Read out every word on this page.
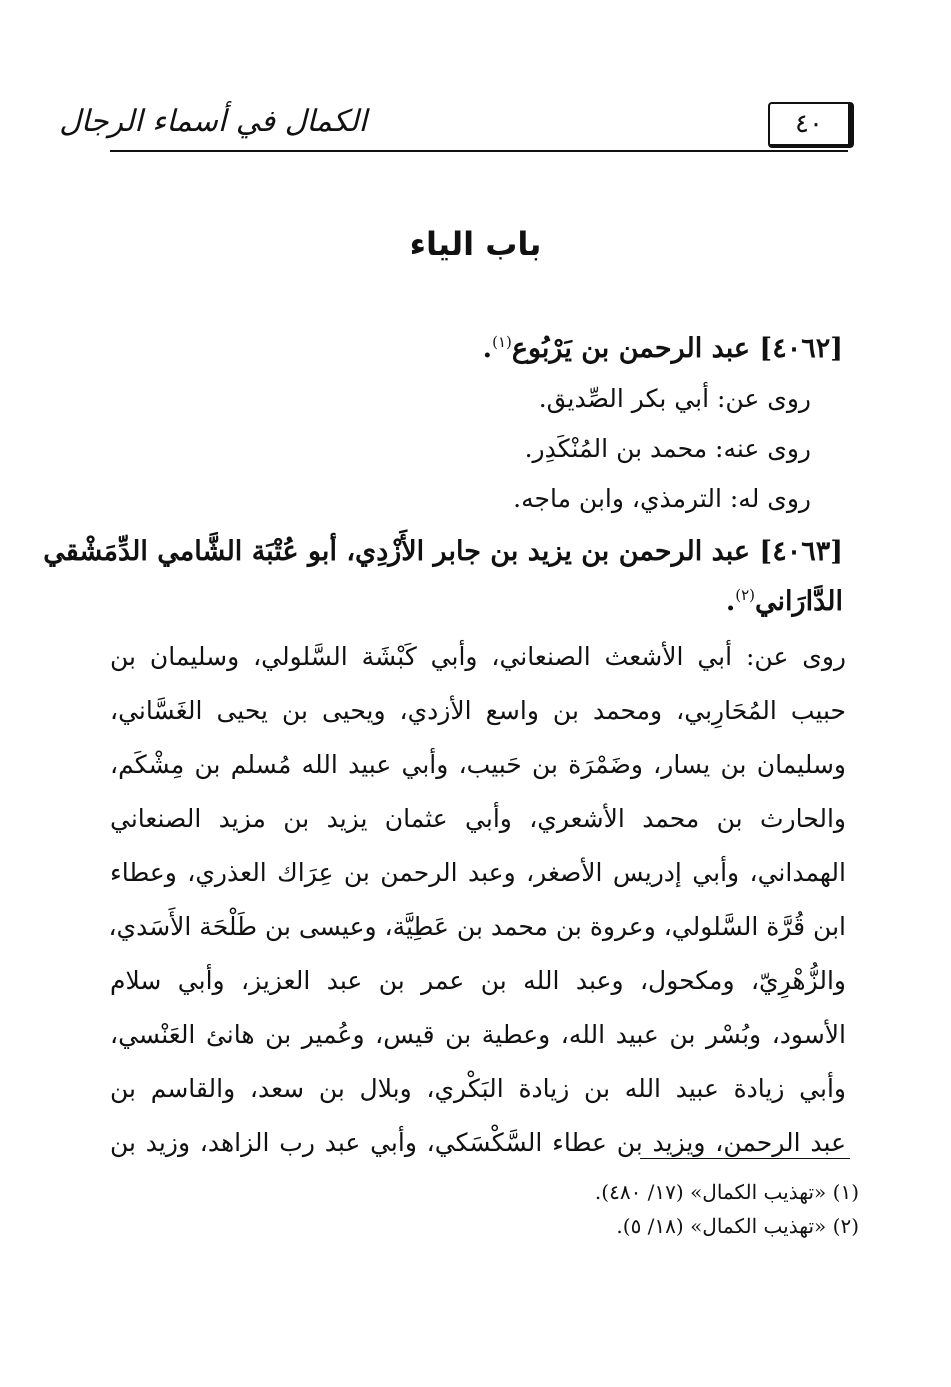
٤٠
الكمال في أسماء الرجال
باب الياء
[٤٠٦٢] عبد الرحمن بن يَرْبُوع$^{(١)}$.
روى عن: أبي بكر الصِّديق.
روى عنه: محمد بن المُنْكَدِر.
روى له: الترمذي، وابن ماجه.
[٤٠٦٣] عبد الرحمن بن يزيد بن جابر الأَزْدِي، أبو عُتْبَة الشَّامي الدِّمَشْقي
الدَّارَاني$^{(٢)}$.
روى عن: أبي الأشعث الصنعاني، وأبي كَبْشَة السَّلولي، وسليمان بن
حبيب المُحَارِبي، ومحمد بن واسع الأزدي، ويحيى بن يحيى الغَسَّاني،
وسليمان بن يسار، وضَمْرَة بن حَبيب، وأبي عبيد الله مُسلم بن مِشْكَم،
والحارث بن محمد الأشعري، وأبي عثمان يزيد بن مزيد الصنعاني
الهمداني، وأبي إدريس الأصغر، وعبد الرحمن بن عِرَاك العذري، وعطاء
ابن قُرَّة السَّلولي، وعروة بن محمد بن عَطِيَّة، وعيسى بن طَلْحَة الأَسَدي،
والزُّهْرِيّ، ومكحول، وعبد الله بن عمر بن عبد العزيز، وأبي سلام
الأسود، وبُسْر بن عبيد الله، وعطية بن قيس، وعُمير بن هانئ العَنْسي،
وأبي زيادة عبيد الله بن زيادة البَكْري، وبلال بن سعد، والقاسم بن
عبد الرحمن، ويزيد بن عطاء السَّكْسَكي، وأبي عبد رب الزاهد، وزيد بن
(١) «تهذيب الكمال» (١٧/ ٤٨٠).
(٢) «تهذيب الكمال» (١٨/ ٥).
